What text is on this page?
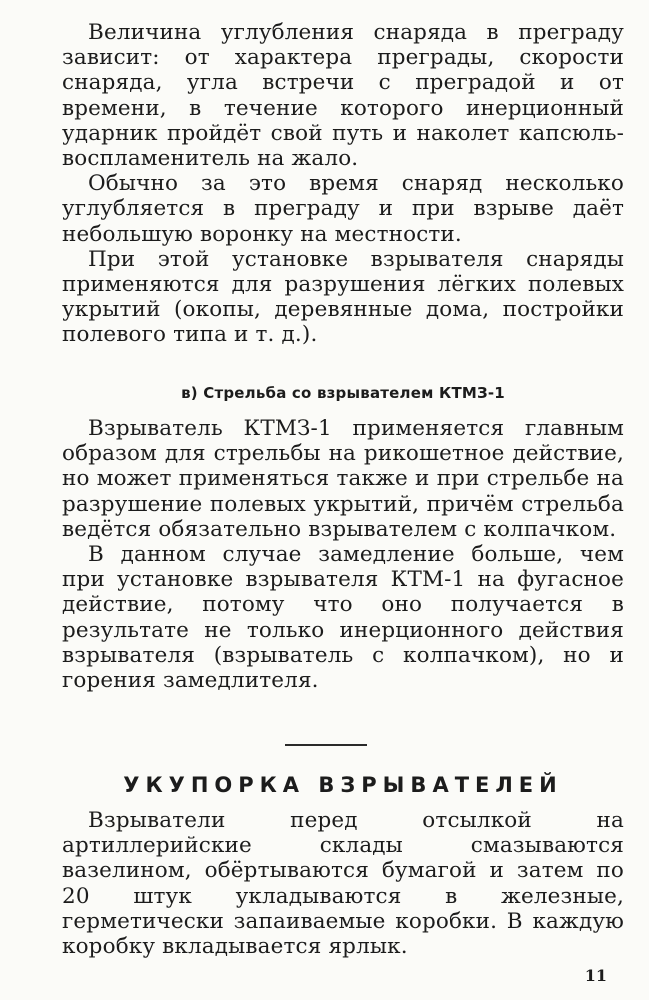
Величина углубления снаряда в преграду зависит: от характера преграды, скорости снаряда, угла встречи с преградой и от времени, в течение которого инерционный ударник пройдёт свой путь и наколет капсюль-воспламенитель на жало.

Обычно за это время снаряд несколько углубляется в преграду и при взрыве даёт небольшую воронку на местности.

При этой установке взрывателя снаряды применяются для разрушения лёгких полевых укрытий (окопы, деревянные дома, постройки полевого типа и т. д.).

в) Стрельба со взрывателем КТМЗ-1

Взрыватель КТМЗ-1 применяется главным образом для стрельбы на рикошетное действие, но может применяться также и при стрельбе на разрушение полевых укрытий, причём стрельба ведётся обязательно взрывателем с колпачком.

В данном случае замедление больше, чем при установке взрывателя КТМ-1 на фугасное действие, потому что оно получается в результате не только инерционного действия взрывателя (взрыватель с колпачком), но и горения замедлителя.

УКУПОРКА ВЗРЫВАТЕЛЕЙ

Взрыватели перед отсылкой на артиллерийские склады смазываются вазелином, обёртываются бумагой и затем по 20 штук укладываются в железные, герметически запаиваемые коробки. В каждую коробку вкладывается ярлык.

11
